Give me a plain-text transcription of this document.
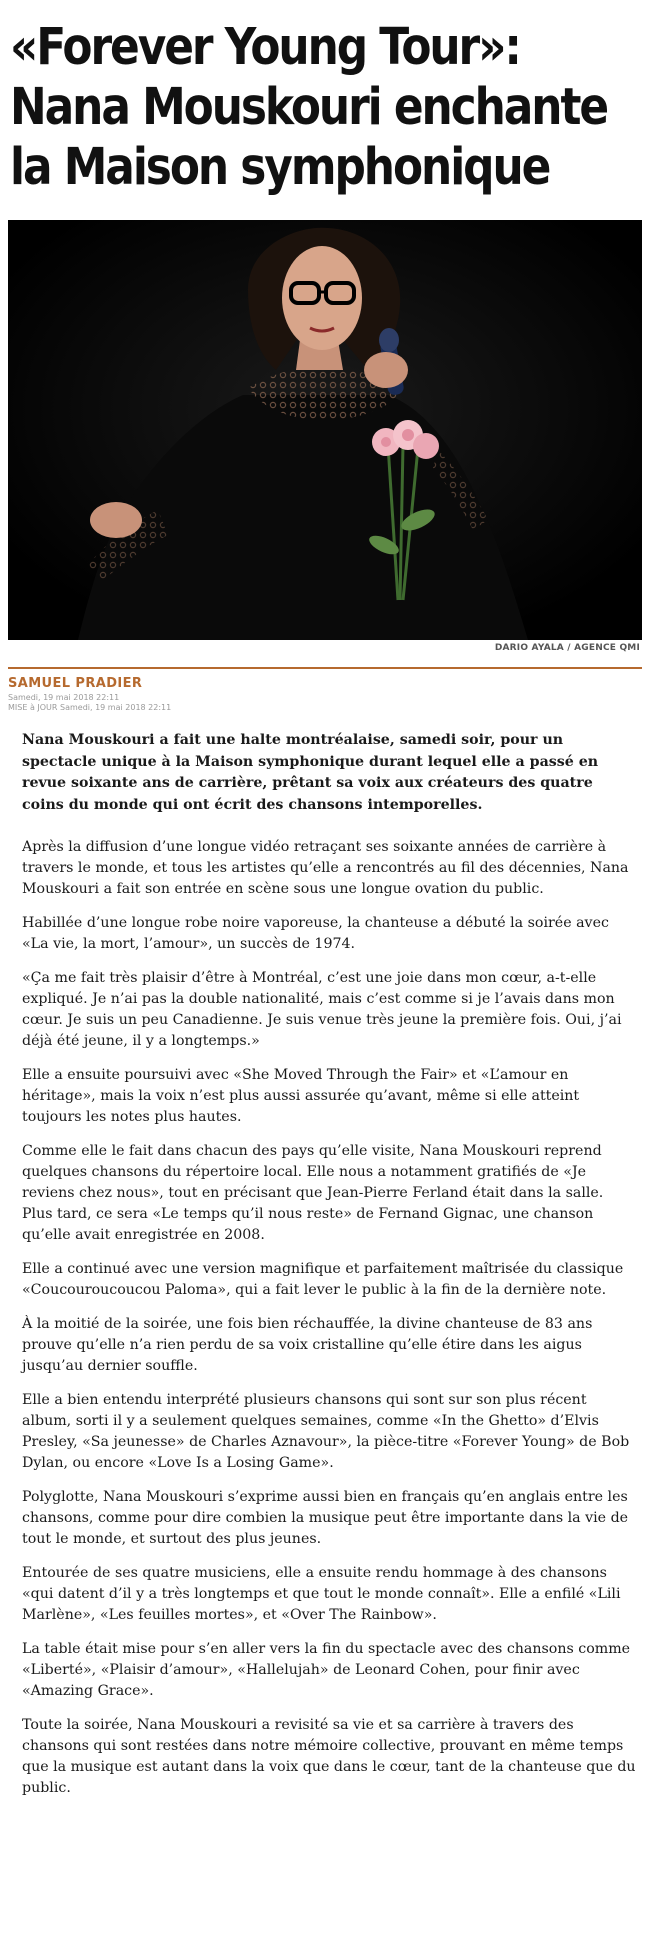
«Forever Young Tour»: Nana Mouskouri enchante la Maison symphonique
DARIO AYALA / AGENCE QMI
SAMUEL PRADIER
Samedi, 19 mai 2018 22:11
MISE à JOUR Samedi, 19 mai 2018 22:11

Nana Mouskouri a fait une halte montréalaise, samedi soir, pour un spectacle unique à la Maison symphonique durant lequel elle a passé en revue soixante ans de carrière, prêtant sa voix aux créateurs des quatre coins du monde qui ont écrit des chansons intemporelles.

Après la diffusion d’une longue vidéo retraçant ses soixante années de carrière à travers le monde, et tous les artistes qu’elle a rencontrés au fil des décennies, Nana Mouskouri a fait son entrée en scène sous une longue ovation du public.

Habillée d’une longue robe noire vaporeuse, la chanteuse a débuté la soirée avec «La vie, la mort, l’amour», un succès de 1974.

«Ça me fait très plaisir d’être à Montréal, c’est une joie dans mon cœur, a-t-elle expliqué. Je n’ai pas la double nationalité, mais c’est comme si je l’avais dans mon cœur. Je suis un peu Canadienne. Je suis venue très jeune la première fois. Oui, j’ai déjà été jeune, il y a longtemps.»

Elle a ensuite poursuivi avec «She Moved Through the Fair» et «L’amour en héritage», mais la voix n’est plus aussi assurée qu’avant, même si elle atteint toujours les notes plus hautes.

Comme elle le fait dans chacun des pays qu’elle visite, Nana Mouskouri reprend quelques chansons du répertoire local. Elle nous a notamment gratifiés de «Je reviens chez nous», tout en précisant que Jean-Pierre Ferland était dans la salle. Plus tard, ce sera «Le temps qu’il nous reste» de Fernand Gignac, une chanson qu’elle avait enregistrée en 2008.

Elle a continué avec une version magnifique et parfaitement maîtrisée du classique «Coucouroucoucou Paloma», qui a fait lever le public à la fin de la dernière note.

À la moitié de la soirée, une fois bien réchauffée, la divine chanteuse de 83 ans prouve qu’elle n’a rien perdu de sa voix cristalline qu’elle étire dans les aigus jusqu’au dernier souffle.

Elle a bien entendu interprété plusieurs chansons qui sont sur son plus récent album, sorti il y a seulement quelques semaines, comme «In the Ghetto» d’Elvis Presley, «Sa jeunesse» de Charles Aznavour», la pièce-titre «Forever Young» de Bob Dylan, ou encore «Love Is a Losing Game».

Polyglotte, Nana Mouskouri s’exprime aussi bien en français qu’en anglais entre les chansons, comme pour dire combien la musique peut être importante dans la vie de tout le monde, et surtout des plus jeunes.

Entourée de ses quatre musiciens, elle a ensuite rendu hommage à des chansons «qui datent d’il y a très longtemps et que tout le monde connaît». Elle a enfilé «Lili Marlène», «Les feuilles mortes», et «Over The Rainbow».

La table était mise pour s’en aller vers la fin du spectacle avec des chansons comme «Liberté», «Plaisir d’amour», «Hallelujah» de Leonard Cohen, pour finir avec «Amazing Grace».

Toute la soirée, Nana Mouskouri a revisité sa vie et sa carrière à travers des chansons qui sont restées dans notre mémoire collective, prouvant en même temps que la musique est autant dans la voix que dans le cœur, tant de la chanteuse que du public.
